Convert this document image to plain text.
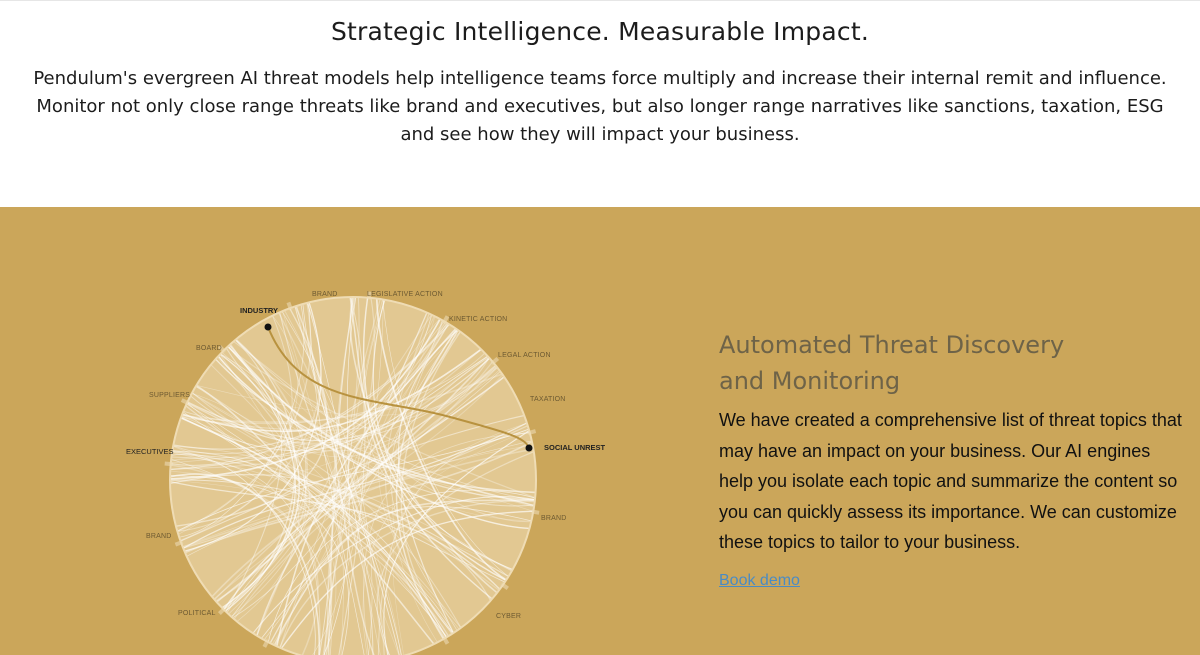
Strategic Intelligence. Measurable Impact.
Pendulum's evergreen AI threat models help intelligence teams force multiply and increase their internal remit and influence. Monitor not only close range threats like brand and executives, but also longer range narratives like sanctions, taxation, ESG and see how they will impact your business.
INDUSTRY
BRAND	LEGISLATIVE ACTION
KINETIC ACTION
LEGAL ACTION
TAXATION
SOCIAL UNREST
BRAND
CYBER
BOARD
SUPPLIERS
EXECUTIVES
BRAND
POLITICAL
Automated Threat Discovery
and Monitoring

We have created a comprehensive list of threat topics that may have an impact on your business. Our AI engines help you isolate each topic and summarize the content so you can quickly assess its importance. We can customize these topics to tailor to your business.

Book demo
